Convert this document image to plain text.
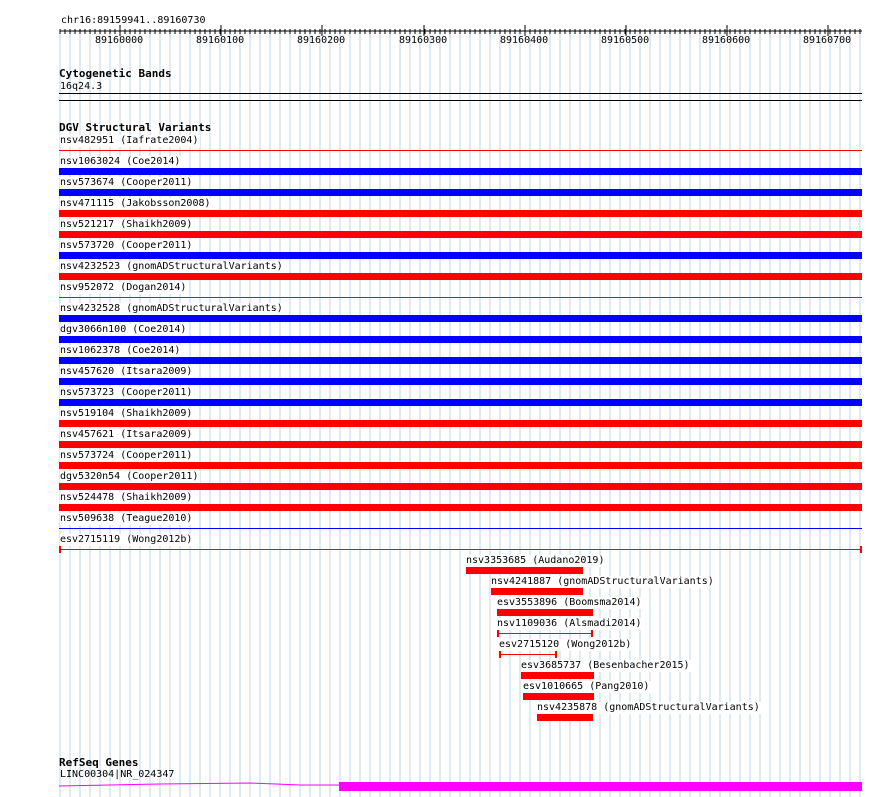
chr16:89159941..89160730
89160000	89160100	89160200	89160300	89160400	89160500	89160600	89160700
Cytogenetic Bands
16q24.3
DGV Structural Variants
nsv482951 (Iafrate2004)
nsv1063024 (Coe2014)
nsv573674 (Cooper2011)
nsv471115 (Jakobsson2008)
nsv521217 (Shaikh2009)
nsv573720 (Cooper2011)
nsv4232523 (gnomADStructuralVariants)
nsv952072 (Dogan2014)
nsv4232528 (gnomADStructuralVariants)
dgv3066n100 (Coe2014)
nsv1062378 (Coe2014)
nsv457620 (Itsara2009)
nsv573723 (Cooper2011)
nsv519104 (Shaikh2009)
nsv457621 (Itsara2009)
nsv573724 (Cooper2011)
dgv5320n54 (Cooper2011)
nsv524478 (Shaikh2009)
nsv509638 (Teague2010)
esv2715119 (Wong2012b)
nsv3353685 (Audano2019)
nsv4241887 (gnomADStructuralVariants)
esv3553896 (Boomsma2014)
nsv1109036 (Alsmadi2014)
esv2715120 (Wong2012b)
esv3685737 (Besenbacher2015)
esv1010665 (Pang2010)
nsv4235878 (gnomADStructuralVariants)
RefSeq Genes
LINC00304|NR_024347
